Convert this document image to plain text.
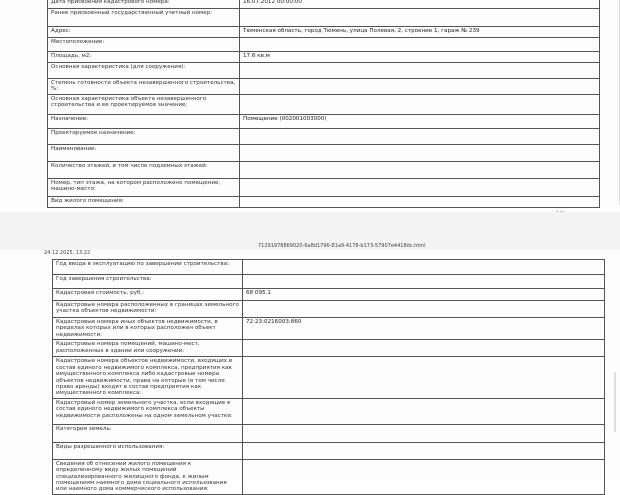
Дата присвоения кадастрового номера:	16.07.2012 00:00:00
Ранее присвоенный государственный учетный номер:	
Адрес:	Тюменская область, город Тюмень, улица Полевая, 2, строение 1, гараж № 239
Местоположение:	
Площадь, м2:	17.6 кв.м
Основная характеристика (для сооружения):	
Степень готовности объекта незавершенного строительства, %:	
Основная характеристика объекта незавершенного строительства и ее проектируемое значение:	
Назначение:	Помещение (002001003000)
Проектируемое назначение:	
Наименование:	
Количество этажей, в том числе подземных этажей:	
Номер, тип этажа, на котором расположено помещение, машино-место:	
Вид жилого помещения:	
24.12.2025, 13:22
71291978869020-6a8d1796-81a9-4178-b173-57907e4418dc.html
Год ввода в эксплуатацию по завершении строительства:	
Год завершения строительства:	
Кадастровая стоимость, руб.:	68 095.1
Кадастровые номера расположенных в границах земельного участка объектов недвижимости:	
Кадастровые номера иных объектов недвижимости, в пределах которых или в которых расположен объект недвижимости:	72:23:0216003:860
Кадастровые номера помещений, машино-мест, расположенных в здании или сооружении:	
Кадастровые номера объектов недвижимости, входящих в состав единого недвижимого комплекса, предприятия как имущественного комплекса либо кадастровые номера объектов недвижимости, права на которые (в том числе право аренды) входят в состав предприятия как имущественного комплекса:	
Кадастровый номер земельного участка, если входящие в состав единого недвижимого комплекса объекты недвижимости расположены на одном земельном участке:	
Категория земель:	
Виды разрешенного использования:	
Сведения об отнесении жилого помещения к определенному виду жилых помещений специализированного жилищного фонда, к жилым помещениям наемного дома социального использования или наемного дома коммерческого использования:	
